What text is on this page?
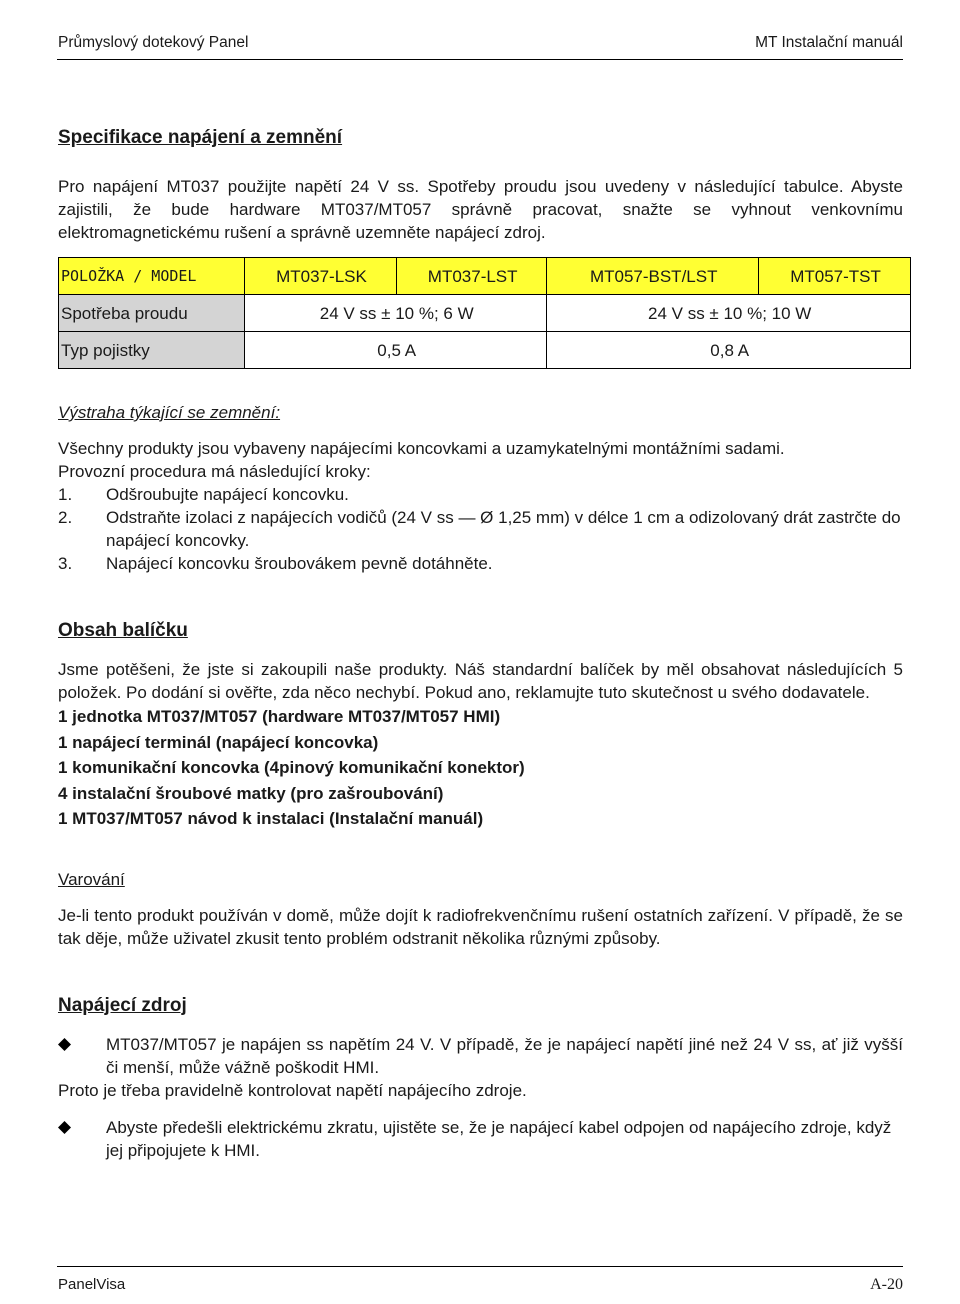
Průmyslový dotekový Panel	MT Instalační manuál
Specifikace napájení a zemnění

Pro napájení MT037 použijte napětí 24 V ss. Spotřeby proudu jsou uvedeny v následující tabulce. Abyste zajistili, že bude hardware MT037/MT057 správně pracovat, snažte se vyhnout venkovnímu elektromagnetickému rušení a správně uzemněte napájecí zdroj.

POLOŽKA / MODEL	MT037-LSK	MT037-LST	MT057-BST/LST	MT057-TST
Spotřeba proudu	24 V ss ± 10 %; 6 W		24 V ss ± 10 %; 10 W	
Typ pojistky	0,5 A		0,8 A	

Výstraha týkající se zemnění:

Všechny produkty jsou vybaveny napájecími koncovkami a uzamykatelnými montážními sadami.

Provozní procedura má následující kroky:

1.	Odšroubujte napájecí koncovku.
2.	Odstraňte izolaci z napájecích vodičů (24 V ss — Ø 1,25 mm) v délce 1 cm a odizolovaný drát zastrčte do napájecí koncovky.
3.	Napájecí koncovku šroubovákem pevně dotáhněte.
Obsah balíčku

Jsme potěšeni, že jste si zakoupili naše produkty. Náš standardní balíček by měl obsahovat následujících 5 položek. Po dodání si ověřte, zda něco nechybí. Pokud ano, reklamujte tuto skutečnost u svého dodavatele.

1 jednotka MT037/MT057 (hardware MT037/MT057 HMI)

1 napájecí terminál (napájecí koncovka)

1 komunikační koncovka (4pinový komunikační konektor)

4 instalační šroubové matky (pro zašroubování)

1 MT037/MT057 návod k instalaci (Instalační manuál)

Varování

Je-li tento produkt používán v domě, může dojít k radiofrekvenčnímu rušení ostatních zařízení. V případě, že se tak děje, může uživatel zkusit tento problém odstranit několika různými způsoby.

Napájecí zdroj
MT037/MT057 je napájen ss napětím 24 V. V případě, že je napájecí napětí jiné než 24 V ss, ať již vyšší či menší, může vážně poškodit HMI.

Proto je třeba pravidelně kontrolovat napětí napájecího zdroje.

Abyste předešli elektrickému zkratu, ujistěte se, že je napájecí kabel odpojen od napájecího zdroje, když jej připojujete k HMI.
PanelVisa	A-20
